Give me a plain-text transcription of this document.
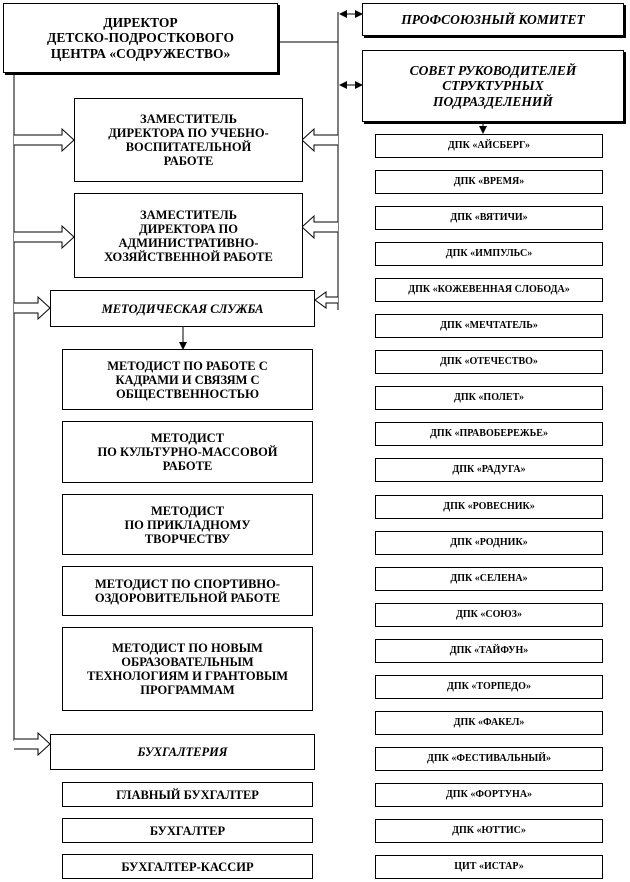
ДИРЕКТОР
ДЕТСКО-ПОДРОСТКОВОГО
ЦЕНТРА «СОДРУЖЕСТВО»
ПРОФСОЮЗНЫЙ КОМИТЕТ
СОВЕТ РУКОВОДИТЕЛЕЙ
СТРУКТУРНЫХ
ПОДРАЗДЕЛЕНИЙ
ЗАМЕСТИТЕЛЬ
ДИРЕКТОРА ПО УЧЕБНО-
ВОСПИТАТЕЛЬНОЙ
РАБОТЕ
ЗАМЕСТИТЕЛЬ
ДИРЕКТОРА ПО
АДМИНИСТРАТИВНО-
ХОЗЯЙСТВЕННОЙ РАБОТЕ
МЕТОДИЧЕСКАЯ СЛУЖБА
МЕТОДИСТ ПО РАБОТЕ С
КАДРАМИ И СВЯЗЯМ С
ОБЩЕСТВЕННОСТЬЮ
МЕТОДИСТ
ПО КУЛЬТУРНО-МАССОВОЙ
РАБОТЕ
МЕТОДИСТ
ПО ПРИКЛАДНОМУ
ТВОРЧЕСТВУ
МЕТОДИСТ ПО СПОРТИВНО-
ОЗДОРОВИТЕЛЬНОЙ РАБОТЕ
МЕТОДИСТ ПО НОВЫМ
ОБРАЗОВАТЕЛЬНЫМ
ТЕХНОЛОГИЯМ И ГРАНТОВЫМ
ПРОГРАММАМ
БУХГАЛТЕРИЯ
ГЛАВНЫЙ БУХГАЛТЕР
БУХГАЛТЕР
БУХГАЛТЕР-КАССИР
ДПК «АЙСБЕРГ»
ДПК «ВРЕМЯ»
ДПК «ВЯТИЧИ»
ДПК «ИМПУЛЬС»
ДПК «КОЖЕВЕННАЯ СЛОБОДА»
ДПК «МЕЧТАТЕЛЬ»
ДПК «ОТЕЧЕСТВО»
ДПК «ПОЛЕТ»
ДПК «ПРАВОБЕРЕЖЬЕ»
ДПК «РАДУГА»
ДПК «РОВЕСНИК»
ДПК «РОДНИК»
ДПК «СЕЛЕНА»
ДПК «СОЮЗ»
ДПК «ТАЙФУН»
ДПК «ТОРПЕДО»
ДПК «ФАКЕЛ»
ДПК «ФЕСТИВАЛЬНЫЙ»
ДПК «ФОРТУНА»
ДПК «ЮТТИС»
ЦИТ «ИСТАР»
